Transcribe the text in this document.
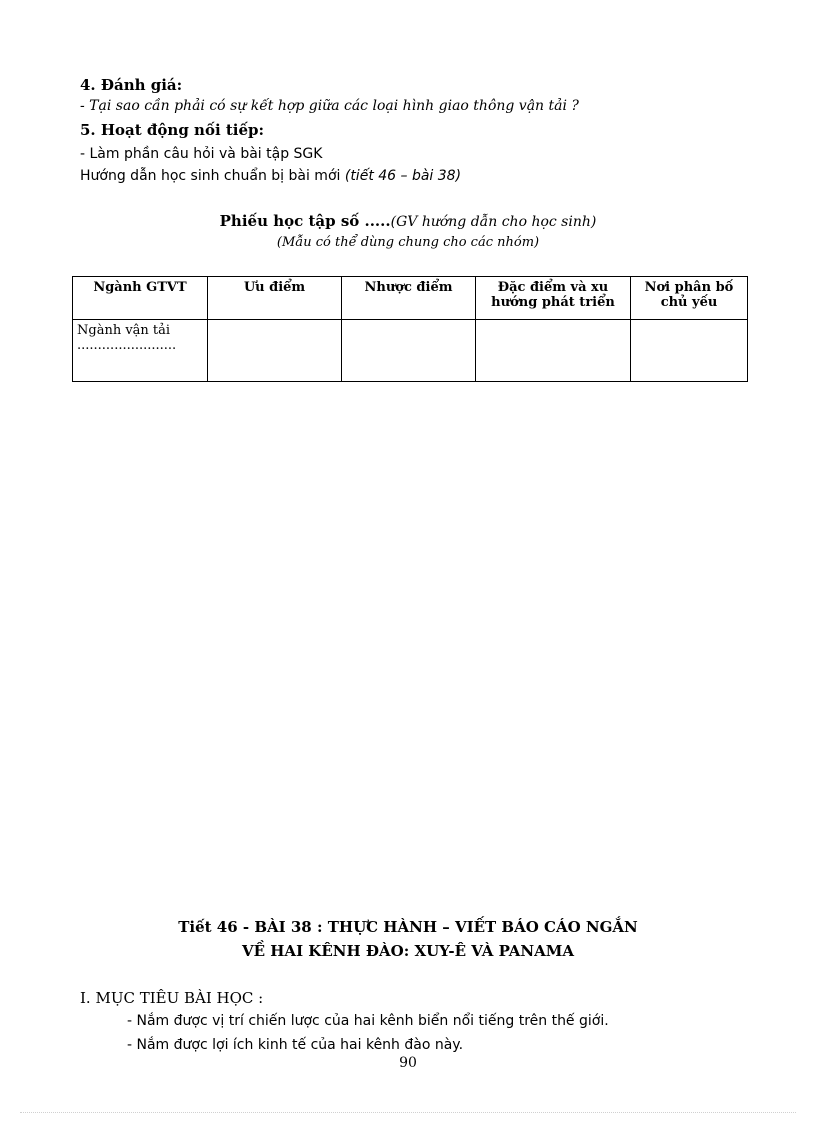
4. Đánh giá:
- Tại sao cần phải có sự kết hợp giữa các loại hình giao thông vận tải ?
5. Hoạt động nối tiếp:
- Làm phần câu hỏi và bài tập SGK
Hướng dẫn học sinh chuẩn bị bài mới (tiết 46 – bài 38)
Phiếu học tập số .....(GV hướng dẫn cho học sinh)
(Mẫu có thể dùng chung cho các nhóm)
Ngành GTVT	Ưu điểm	Nhược điểm	Đặc điểm và xu hướng phát triển	Nơi phân bố chủ yếu
Ngành vận tải
........................				

Tiết 46 - BÀI 38 : THỰC HÀNH – VIẾT BÁO CÁO NGẮN
VỀ HAI KÊNH ĐÀO: XUY-Ê VÀ PANAMA
I. MỤC TIÊU BÀI HỌC :
- Nắm được vị trí chiến lược của hai kênh biển nổi tiếng trên thế giới.
- Nắm được lợi ích kinh tế của hai kênh đào này.
90
